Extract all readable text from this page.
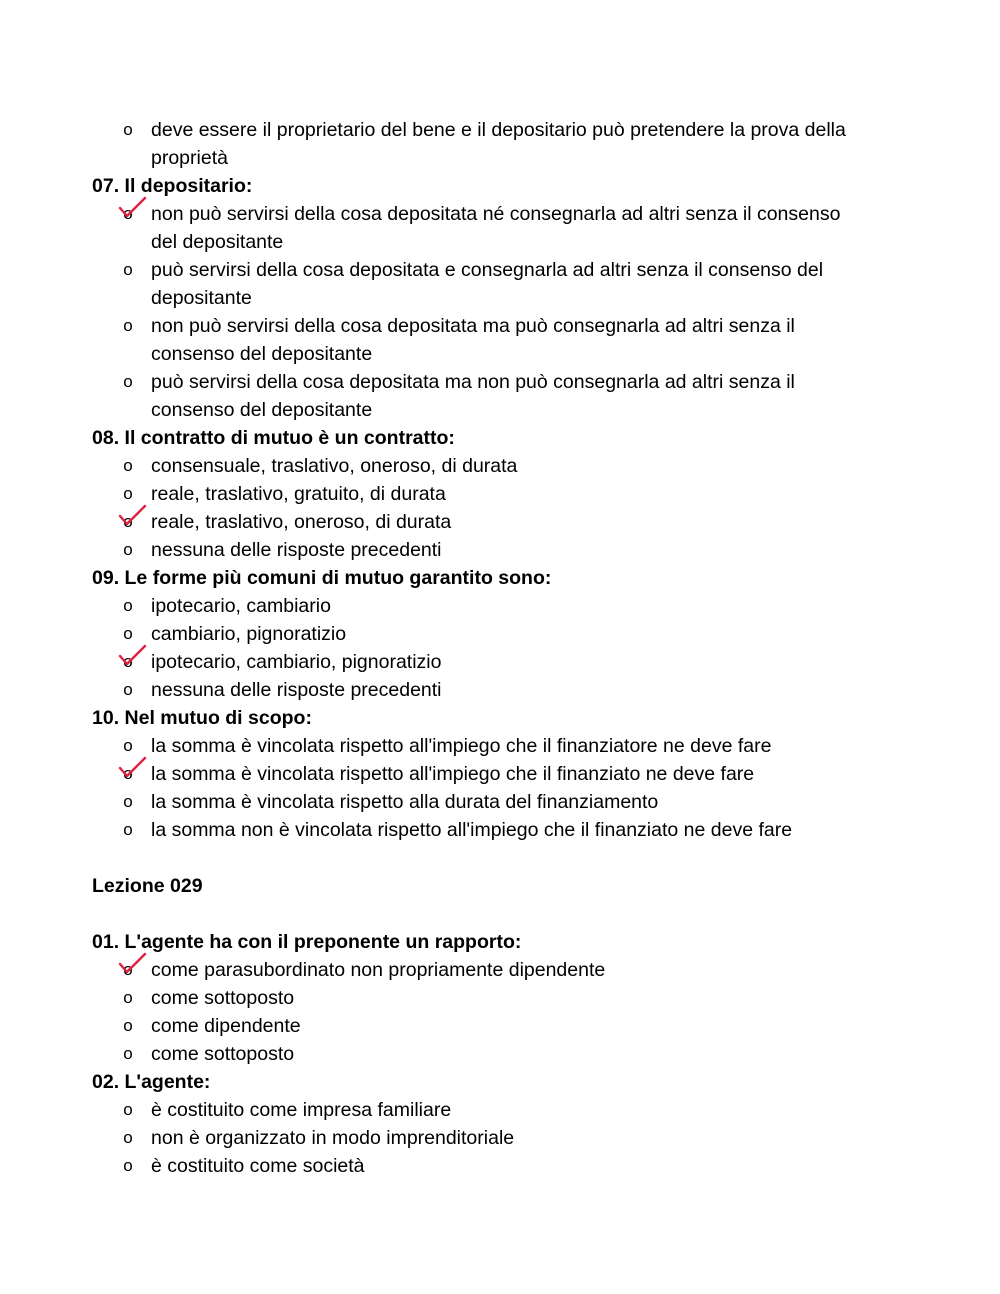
o deve essere il proprietario del bene e il depositario può pretendere la prova della
proprietà
07. Il depositario:
o non può servirsi della cosa depositata né consegnarla ad altri senza il consenso
del depositante
o può servirsi della cosa depositata e consegnarla ad altri senza il consenso del
depositante
o non può servirsi della cosa depositata ma può consegnarla ad altri senza il
consenso del depositante
o può servirsi della cosa depositata ma non può consegnarla ad altri senza il
consenso del depositante
08. Il contratto di mutuo è un contratto:
o consensuale, traslativo, oneroso, di durata
o reale, traslativo, gratuito, di durata
o reale, traslativo, oneroso, di durata
o nessuna delle risposte precedenti
09. Le forme più comuni di mutuo garantito sono:
o ipotecario, cambiario
o cambiario, pignoratizio
o ipotecario, cambiario, pignoratizio
o nessuna delle risposte precedenti
10. Nel mutuo di scopo:
o la somma è vincolata rispetto all'impiego che il finanziatore ne deve fare
o la somma è vincolata rispetto all'impiego che il finanziato ne deve fare
o la somma è vincolata rispetto alla durata del finanziamento
o la somma non è vincolata rispetto all'impiego che il finanziato ne deve fare
Lezione 029
01. L'agente ha con il preponente un rapporto:
o come parasubordinato non propriamente dipendente
o come sottoposto
o come dipendente
o come sottoposto
02. L'agente:
o è costituito come impresa familiare
o non è organizzato in modo imprenditoriale
o è costituito come società
